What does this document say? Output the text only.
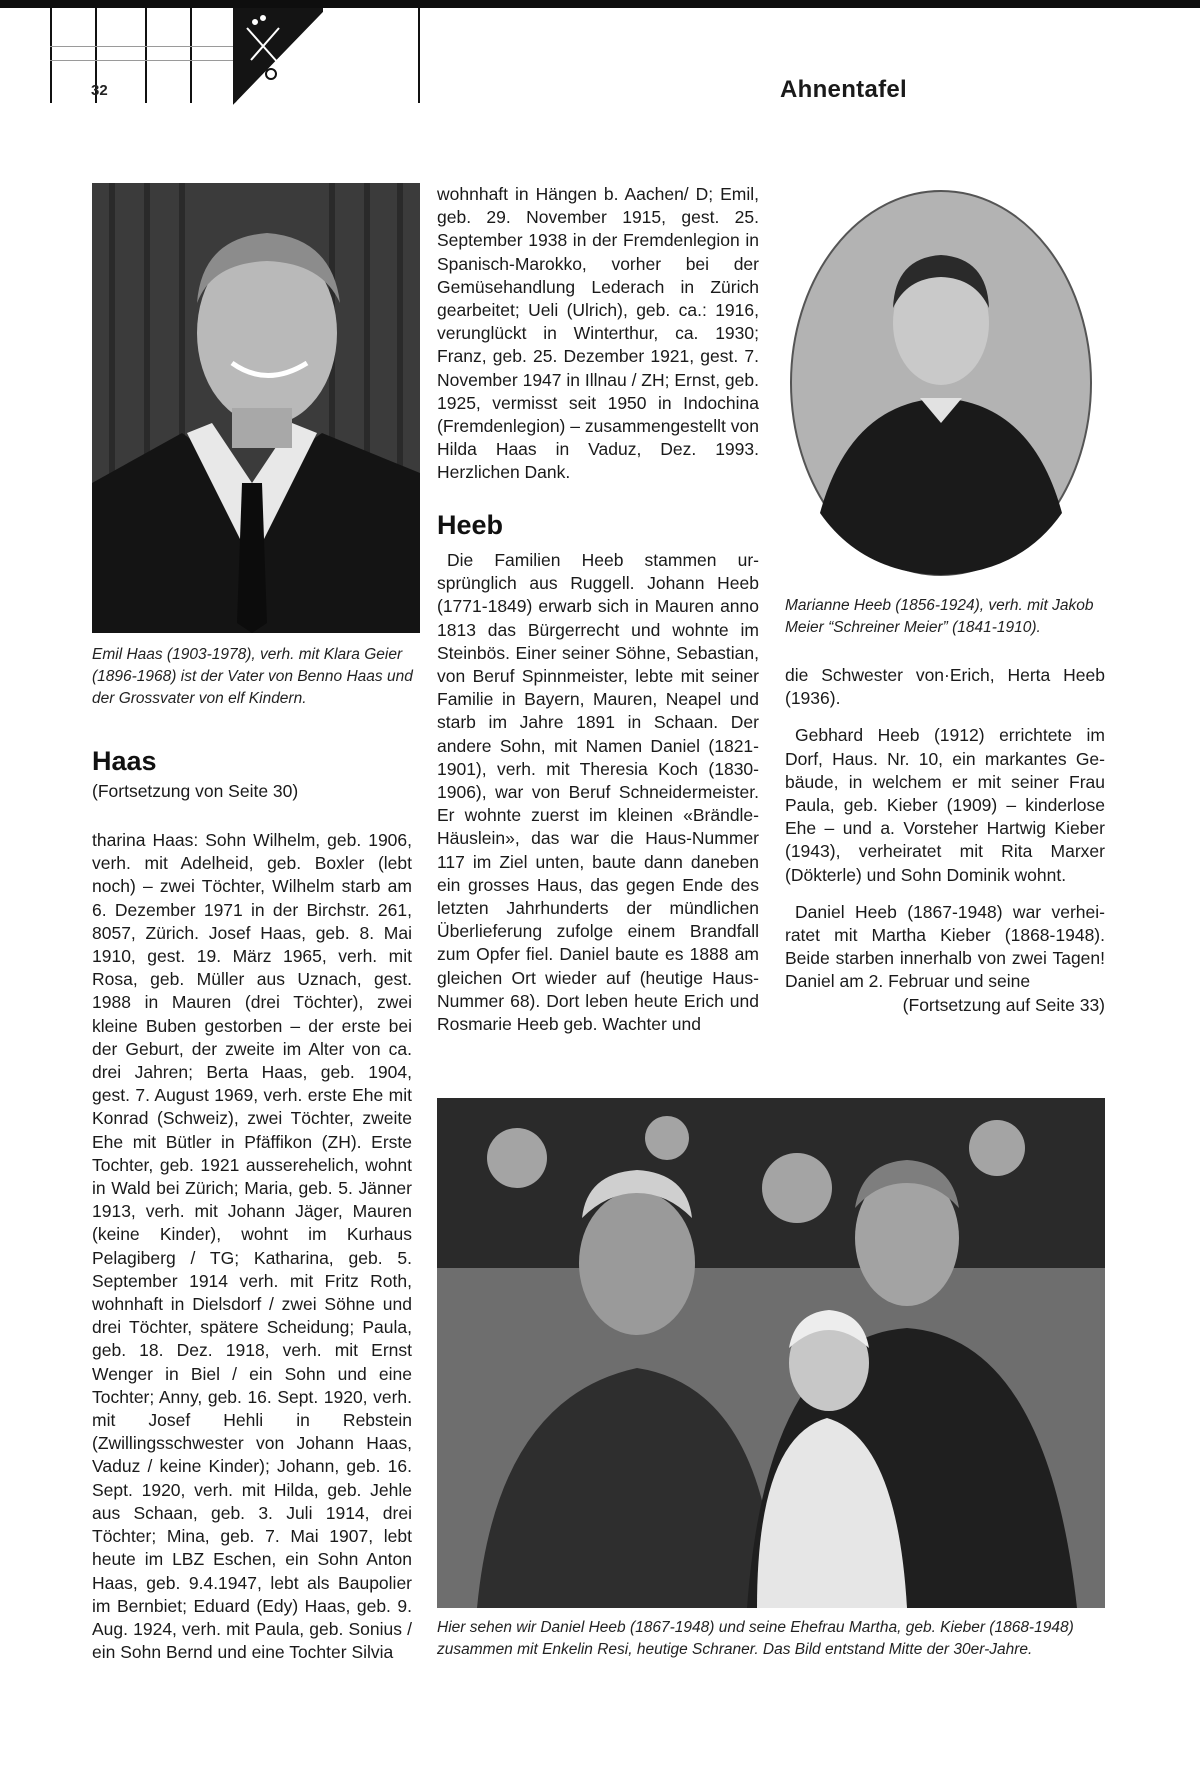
32	Ahnentafel
Emil Haas (1903-1978), verh. mit Klara Geier (1896-1968) ist der Vater von Benno Haas und der Grossvater von elf Kindern.
Haas
(Fortsetzung von Seite 30)
tharina Haas: Sohn Wilhelm, geb. 1906, verh. mit Adelheid, geb. Boxler (lebt noch) – zwei Töchter, Wilhelm starb am 6. Dezember 1971 in der Birchstr. 261, 8057, Zürich. Josef Haas, geb. 8. Mai 1910, gest. 19. März 1965, verh. mit Rosa, geb. Müller aus Uznach, gest. 1988 in Mauren (drei Töchter), zwei kleine Buben gestorben – der erste bei der Geburt, der zweite im Alter von ca. drei Jahren; Berta Haas, geb. 1904, gest. 7. August 1969, verh. erste Ehe mit Konrad (Schweiz), zwei Töchter, zweite Ehe mit Bütler in Pfäffikon (ZH). Erste Tochter, geb. 1921 ausserehelich, wohnt in Wald bei Zürich; Maria, geb. 5. Jänner 1913, verh. mit Johann Jäger, Mauren (keine Kinder), wohnt im Kurhaus Pelagiberg / TG; Katharina, geb. 5. September 1914 verh. mit Fritz Roth, wohnhaft in Dielsdorf / zwei Söhne und drei Töchter, spätere Scheidung; Paula, geb. 18. Dez. 1918, verh. mit Ernst Wenger in Biel / ein Sohn und eine Tochter; Anny, geb. 16. Sept. 1920, verh. mit Josef Hehli in Rebstein (Zwillingsschwester von Johann Haas, Vaduz / keine Kinder); Johann, geb. 16. Sept. 1920, verh. mit Hilda, geb. Jehle aus Schaan, geb. 3. Juli 1914, drei Töchter; Mina, geb. 7. Mai 1907, lebt heute im LBZ Eschen, ein Sohn Anton Haas, geb. 9.4.1947, lebt als Baupolier im Bernbiet; Eduard (Edy) Haas, geb. 9. Aug. 1924, verh. mit Paula, geb. Sonius / ein Sohn Bernd und eine Tochter Silvia
wohnhaft in Hängen b. Aachen/ D; Emil, geb. 29. November 1915, gest. 25. September 1938 in der Fremdenlegion in Spanisch-Marokko, vorher bei der Gemüsehandlung Lederach in Zürich gearbeitet; Ueli (Ulrich), geb. ca.: 1916, verunglückt in Winterthur, ca. 1930; Franz, geb. 25. Dezember 1921, gest. 7. November 1947 in Illnau / ZH; Ernst, geb. 1925, vermisst seit 1950 in Indochina (Fremdenlegion) – zusammengestellt von Hilda Haas in Vaduz, Dez. 1993. Herzlichen Dank.
Heeb
Die Familien Heeb stammen ursprünglich aus Ruggell. Johann Heeb (1771-1849) erwarb sich in Mauren anno 1813 das Bürgerrecht und wohnte im Steinbös. Einer seiner Söhne, Sebastian, von Beruf Spinnmeister, lebte mit seiner Familie in Bayern, Mauren, Neapel und starb im Jahre 1891 in Schaan. Der andere Sohn, mit Namen Daniel (1821-1901), verh. mit Theresia Koch (1830-1906), war von Beruf Schneidermeister. Er wohnte zuerst im kleinen «Brändle-Häuslein», das war die Haus-Nummer 117 im Ziel unten, baute dann daneben ein grosses Haus, das gegen Ende des letzten Jahrhunderts der mündlichen Überlieferung zufolge einem Brandfall zum Opfer fiel. Daniel baute es 1888 am gleichen Ort wieder auf (heutige Haus-Nummer 68). Dort leben heute Erich und Rosmarie Heeb geb. Wachter und
Marianne Heeb (1856-1924), verh. mit Jakob Meier “Schreiner Meier” (1841-1910).

die Schwester von·Erich, Herta Heeb (1936).

Gebhard Heeb (1912) errichtete im Dorf, Haus. Nr. 10, ein markantes Gebäude, in welchem er mit seiner Frau Paula, geb. Kieber (1909) – kinderlose Ehe – und a. Vorsteher Hartwig Kieber (1943), verheiratet mit Rita Marxer (Dökterle) und Sohn Dominik wohnt.

Daniel Heeb (1867-1948) war verheiratet mit Martha Kieber (1868-1948). Beide starben innerhalb von zwei Tagen! Daniel am 2. Februar und seine

(Fortsetzung auf Seite 33)
Hier sehen wir Daniel Heeb (1867-1948) und seine Ehefrau Martha, geb. Kieber (1868-1948) zusammen mit Enkelin Resi, heutige Schraner. Das Bild entstand Mitte der 30er-Jahre.
